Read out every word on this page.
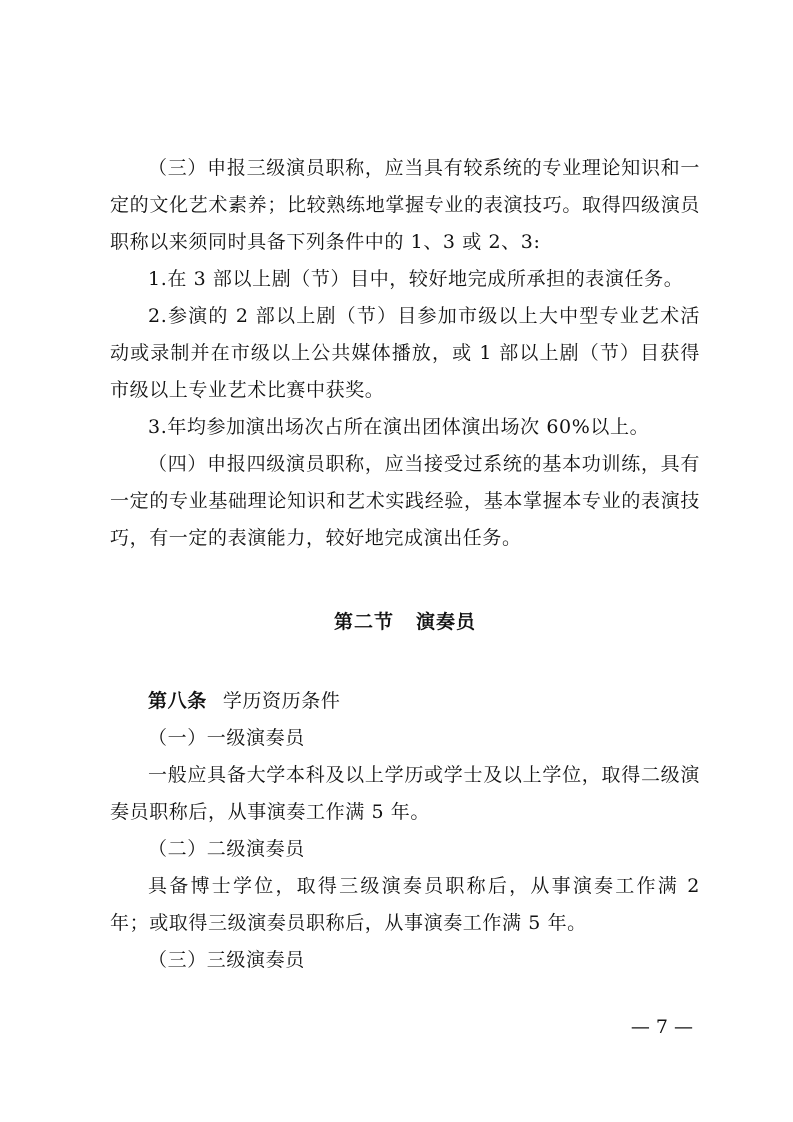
（三）申报三级演员职称，应当具有较系统的专业理论知识和一定的文化艺术素养；比较熟练地掌握专业的表演技巧。取得四级演员职称以来须同时具备下列条件中的 1、3 或 2、3:

1.在 3 部以上剧（节）目中，较好地完成所承担的表演任务。

2.参演的 2 部以上剧（节）目参加市级以上大中型专业艺术活动或录制并在市级以上公共媒体播放，或 1 部以上剧（节）目获得市级以上专业艺术比赛中获奖。

3.年均参加演出场次占所在演出团体演出场次 60%以上。

（四）申报四级演员职称，应当接受过系统的基本功训练，具有一定的专业基础理论知识和艺术实践经验，基本掌握本专业的表演技巧，有一定的表演能力，较好地完成演出任务。

第二节 演奏员
第八条 学历资历条件

（一）一级演奏员

一般应具备大学本科及以上学历或学士及以上学位，取得二级演奏员职称后，从事演奏工作满 5 年。

（二）二级演奏员

具备博士学位，取得三级演奏员职称后，从事演奏工作满 2 年；或取得三级演奏员职称后，从事演奏工作满 5 年。

（三）三级演奏员

— 7 —
